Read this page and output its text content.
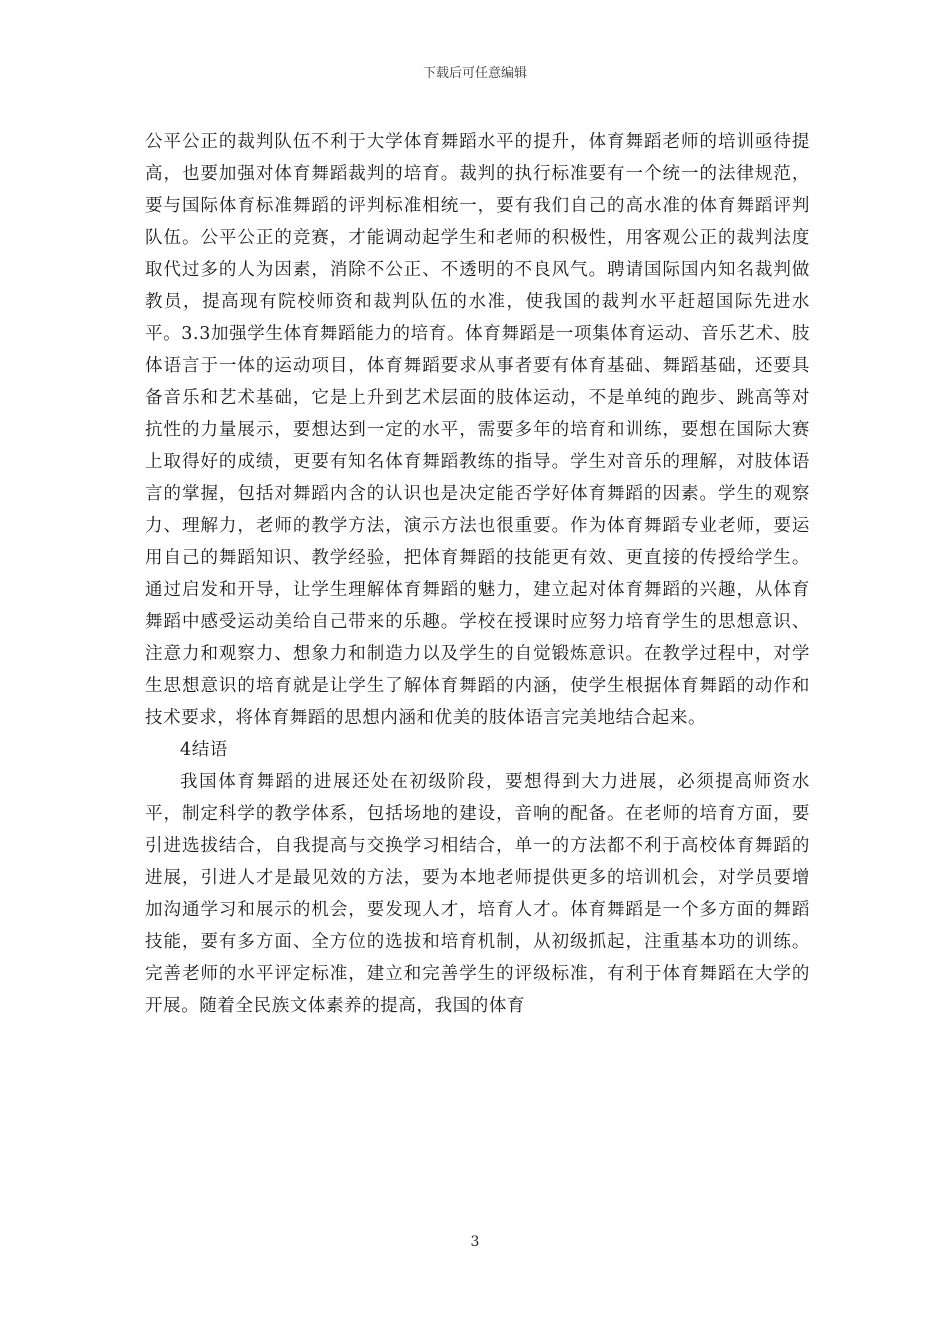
下载后可任意编辑

公平公正的裁判队伍不利于大学体育舞蹈水平的提升，体育舞蹈老师的培训亟待提高，也要加强对体育舞蹈裁判的培育。裁判的执行标准要有一个统一的法律规范，要与国际体育标准舞蹈的评判标准相统一，要有我们自己的高水准的体育舞蹈评判队伍。公平公正的竞赛，才能调动起学生和老师的积极性，用客观公正的裁判法度取代过多的人为因素，消除不公正、不透明的不良风气。聘请国际国内知名裁判做教员，提高现有院校师资和裁判队伍的水准，使我国的裁判水平赶超国际先进水平。3.3加强学生体育舞蹈能力的培育。体育舞蹈是一项集体育运动、音乐艺术、肢体语言于一体的运动项目，体育舞蹈要求从事者要有体育基础、舞蹈基础，还要具备音乐和艺术基础，它是上升到艺术层面的肢体运动，不是单纯的跑步、跳高等对抗性的力量展示，要想达到一定的水平，需要多年的培育和训练，要想在国际大赛上取得好的成绩，更要有知名体育舞蹈教练的指导。学生对音乐的理解，对肢体语言的掌握，包括对舞蹈内含的认识也是决定能否学好体育舞蹈的因素。学生的观察力、理解力，老师的教学方法，演示方法也很重要。作为体育舞蹈专业老师，要运用自己的舞蹈知识、教学经验，把体育舞蹈的技能更有效、更直接的传授给学生。通过启发和开导，让学生理解体育舞蹈的魅力，建立起对体育舞蹈的兴趣，从体育舞蹈中感受运动美给自己带来的乐趣。学校在授课时应努力培育学生的思想意识、注意力和观察力、想象力和制造力以及学生的自觉锻炼意识。在教学过程中，对学生思想意识的培育就是让学生了解体育舞蹈的内涵，使学生根据体育舞蹈的动作和技术要求，将体育舞蹈的思想内涵和优美的肢体语言完美地结合起来。

4结语

我国体育舞蹈的进展还处在初级阶段，要想得到大力进展，必须提高师资水平，制定科学的教学体系，包括场地的建设，音响的配备。在老师的培育方面，要引进选拔结合，自我提高与交换学习相结合，单一的方法都不利于高校体育舞蹈的进展，引进人才是最见效的方法，要为本地老师提供更多的培训机会，对学员要增加沟通学习和展示的机会，要发现人才，培育人才。体育舞蹈是一个多方面的舞蹈技能，要有多方面、全方位的选拔和培育机制，从初级抓起，注重基本功的训练。完善老师的水平评定标准，建立和完善学生的评级标准，有利于体育舞蹈在大学的开展。随着全民族文体素养的提高，我国的体育

3
